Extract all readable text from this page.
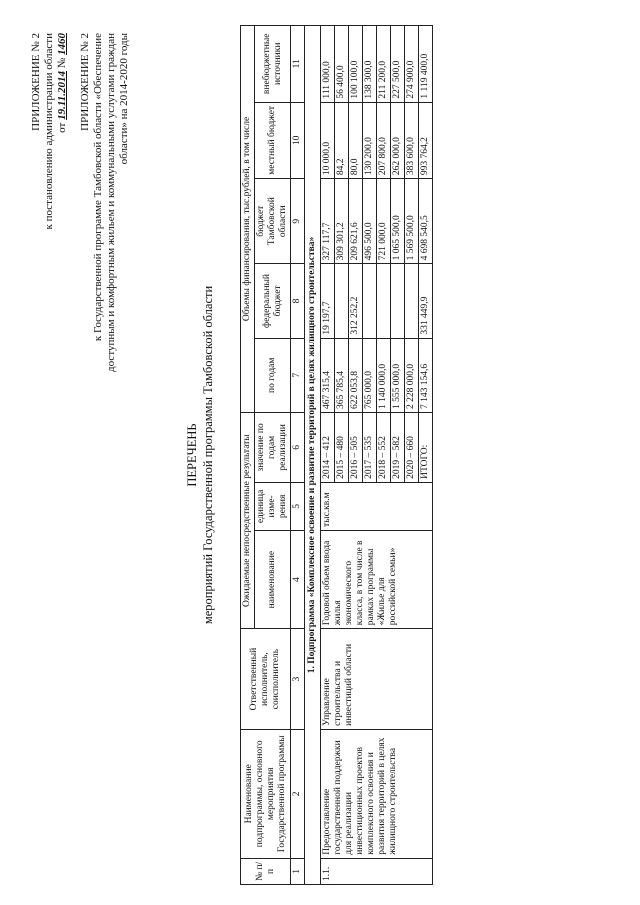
ПРИЛОЖЕНИЕ № 2 к постановлению администрации области от 19.11.2014 № 1460 ПРИЛОЖЕНИЕ № 2 к Государственной программе Тамбовской области «Обеспечение доступным и комфортным жильем и коммунальными услугами граждан области» на 2014-2020 годы
ПЕРЕЧЕНЬ мероприятий Государственной программы Тамбовской области
№ п/п	Наименование подпрограммы, основного мероприятия Государственной программы	Ответственный исполнитель, соисполнитель	Ожидаемые непосредственные результаты			Объемы финансирования, тыс.рублей, в том числе				
			наименование	единица изме-рения	значение по годам реализации	по годам	федеральный бюджет	бюджет Тамбовской области	местный бюджет	внебюджетные источники
1	2	3	4	5	6	7	8	9	10	11
1. Подпрограмма «Комплексное освоение и развитие территорий в целях жилищного строительства»										
1.1.	Предоставление государственной поддержки для реализации инвестиционных проектов комплексного освоения и развития территорий в целях жилищного строительства	Управление строительства и инвестиций области	Годовой объем ввода жилья экономического класса, в том числе в рамках программы «Жилье для российской семьи»	тыс.кв.м	2014 – 412	467 315,4	19 197,7	327 117,7	10 000,0	111 000,0
					2015 – 480	365 785,4		309 301,2	84,2	56 400,0
					2016 – 505	622 053,8	312 252,2	209 621,6	80,0	100 100,0
					2017 – 535	765 000,0		496 500,0	130 200,0	138 300,0
					2018 – 552	1 140 000,0		721 000,0	207 800,0	211 200,0
					2019 – 582	1 555 000,0		1 065 500,0	262 000,0	227 500,0
					2020 – 660	2 228 000,0		1 569 500,0	383 600,0	274 900,0
					ИТОГО:	7 143 154,6	331 449,9	4 698 540,5	993 764,2	1 119 400,0
